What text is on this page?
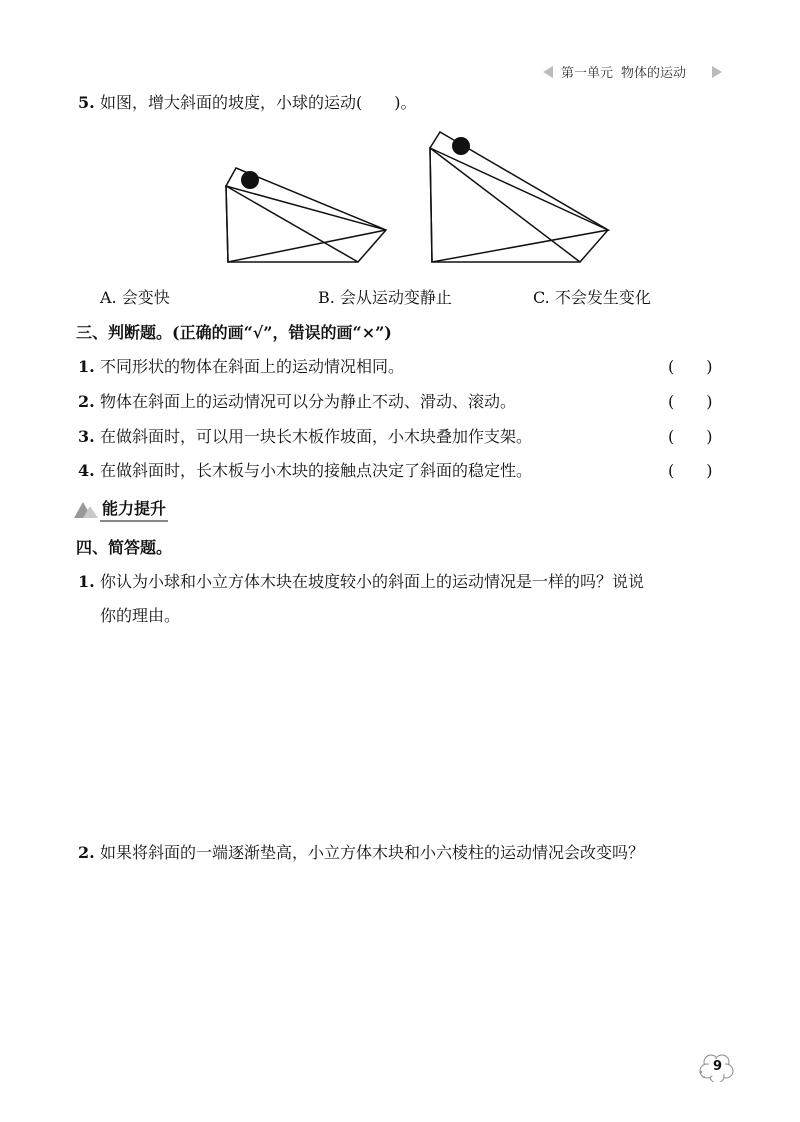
第一单元 物体的运动
5. 如图，增大斜面的坡度，小球的运动(　　)。
A. 会变快	B. 会从运动变静止	C. 不会发生变化
三、判断题。(正确的画“√”，错误的画“×”)
1. 不同形状的物体在斜面上的运动情况相同。	(　　)
2. 物体在斜面上的运动情况可以分为静止不动、滑动、滚动。	(　　)
3. 在做斜面时，可以用一块长木板作坡面，小木块叠加作支架。	(　　)
4. 在做斜面时，长木板与小木块的接触点决定了斜面的稳定性。	(　　)
能力提升
四、简答题。
1. 你认为小球和小立方体木块在坡度较小的斜面上的运动情况是一样的吗？说说
你的理由。
2. 如果将斜面的一端逐渐垫高，小立方体木块和小六棱柱的运动情况会改变吗？
9
